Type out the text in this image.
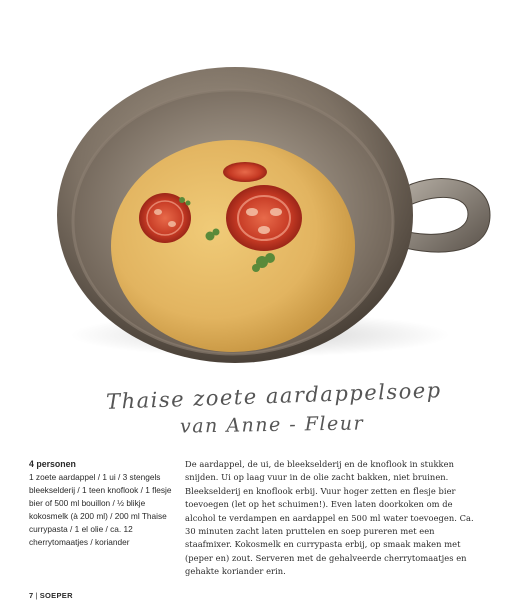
Thaise zoete aardappelsoep
van Anne - Fleur

4 personen

1 zoete aardappel / 1 ui / 3 stengels bleekselderij / 1 teen knoflook / 1 flesje bier of 500 ml bouillon / ½ blikje kokosmelk (à 200 ml) / 200 ml Thaise currypasta / 1 el olie / ca. 12 cherrytomaatjes / koriander

De aardappel, de ui, de bleekselderij en de knoflook in stukken snijden. Ui op laag vuur in de olie zacht bakken, niet bruinen. Bleekselderij en knoflook erbij. Vuur hoger zetten en flesje bier toevoegen (let op het schuimen!). Even laten doorkoken om de alcohol te verdampen en aardappel en 500 ml water toevoegen. Ca. 30 minuten zacht laten pruttelen en soep pureren met een staafmixer. Kokosmelk en currypasta erbij, op smaak maken met (peper en) zout. Serveren met de gehalveerde cherrytomaatjes en gehakte koriander erin.
7 | SOEPER
